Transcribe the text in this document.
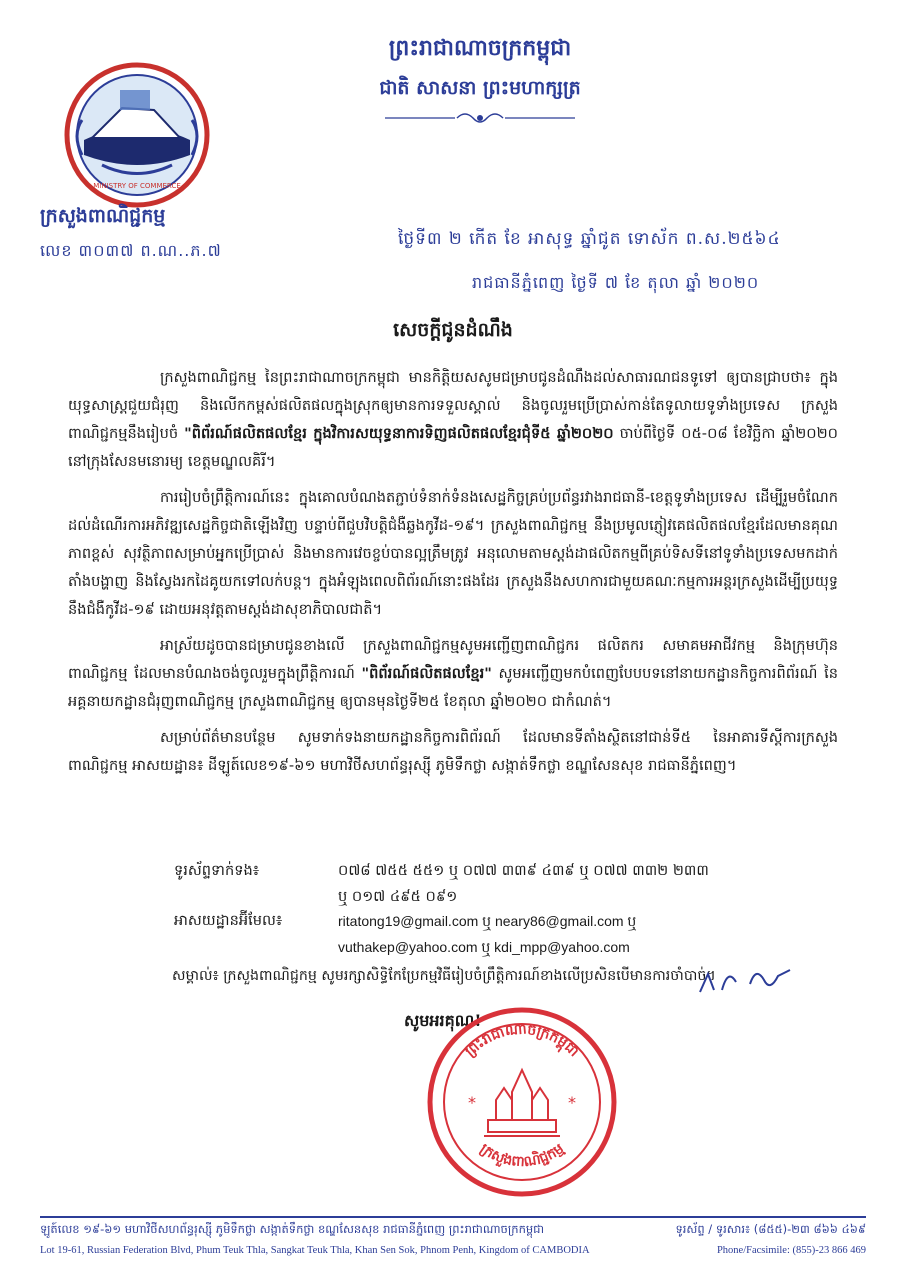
MINISTRY OF COMMERCE
ព្រះរាជាណាចក្រកម្ពុជា
ជាតិ សាសនា ព្រះមហាក្សត្រ
ក្រសួងពាណិជ្ជកម្ម
លេខ ៣០៣៧ ព.ណ..ភ.៧
ថ្ងៃទី៣ ២ កើត ខែ អាសុទ្ធ ឆ្នាំជូត ទោស័ក ព.ស.២៥៦៤
រាជធានីភ្នំពេញ ថ្ងៃទី ៧ ខែ តុលា ឆ្នាំ ២០២០
សេចក្តីជូនដំណឹង

ក្រសួងពាណិជ្ជកម្ម នៃព្រះរាជាណាចក្រកម្ពុជា មានកិត្តិយសសូមជម្រាបជូនដំណឹងដល់សាធារណជនទូទៅ ឲ្យបានជ្រាបថា៖ ក្នុងយុទ្ធសាស្ត្រជួយជំរុញ និងលើកកម្ពស់ផលិតផលក្នុងស្រុកឲ្យមានការទទួលស្គាល់ និងចូលរួមប្រើប្រាស់កាន់តែទូលាយទូទាំងប្រទេស ក្រសួងពាណិជ្ជកម្មនឹងរៀបចំ "ពិព័រណ៍ផលិតផលខ្មែរ ក្នុងវិការសយុទ្ធនាការទិញផលិតផលខ្មែរជុំទី៥ ឆ្នាំ២០២០ ចាប់ពីថ្ងៃទី ០៥-០៨ ខែវិច្ឆិកា ឆ្នាំ២០២០ នៅក្រុងសែនមនោរម្យ ខេត្តមណ្ឌលគិរី។

ការរៀបចំព្រឹត្តិការណ៍នេះ ក្នុងគោលបំណងតភ្ជាប់ទំនាក់ទំនងសេដ្ឋកិច្ចគ្រប់ប្រព័ន្ធរវាងរាជធានី-ខេត្តទូទាំងប្រទេស ដើម្បីរួមចំណែកដល់ដំណើរការអភិវឌ្ឍសេដ្ឋកិច្ចជាតិឡើងវិញ បន្ទាប់ពីជួបវិបត្តិជំងឺឆ្លងកូវីដ-១៩។ ក្រសួងពាណិជ្ជកម្ម នឹងប្រមូលភ្ញៀវគេផលិតផលខ្មែរដែលមានគុណភាពខ្ពស់ សុវត្ថិភាពសម្រាប់អ្នកប្រើប្រាស់ និងមានការវេចខ្ចប់បានល្អត្រឹមត្រូវ អនុលោមតាមស្តង់ដាផលិតកម្មពីគ្រប់ទិសទីនៅទូទាំងប្រទេសមកដាក់តាំងបង្ហាញ និងស្វែងរកដៃគូយកទៅលក់បន្ត។ ក្នុងអំឡុងពេលពិព័រណ៍នោះផងដែរ ក្រសួងនឹងសហការជាមួយគណៈកម្មការអន្តរក្រសួងដើម្បីប្រយុទ្ធនឹងជំងឺកូវីដ-១៩ ដោយអនុវត្តតាមស្តង់ដាសុខាភិបាលជាតិ។

អាស្រ័យដូចបានជម្រាបជូនខាងលើ ក្រសួងពាណិជ្ជកម្មសូមអញ្ជើញពាណិជ្ជករ ផលិតករ សមាគមអាជីវកម្ម និងក្រុមហ៊ុនពាណិជ្ជកម្ម ដែលមានបំណងចង់ចូលរួមក្នុងព្រឹត្តិការណ៍ "ពិព័រណ៍ផលិតផលខ្មែរ" សូមអញ្ជើញមកបំពេញបែបបទនៅនាយកដ្ឋានកិច្ចការពិព័រណ៍ នៃអគ្គនាយកដ្ឋានជំរុញពាណិជ្ជកម្ម ក្រសួងពាណិជ្ជកម្ម ឲ្យបានមុនថ្ងៃទី២៥ ខែតុលា ឆ្នាំ២០២០ ជាកំណត់។

សម្រាប់ព័ត៌មានបន្ថែម សូមទាក់ទងនាយកដ្ឋានកិច្ចការពិព័រណ៍ ដែលមានទីតាំងស្ថិតនៅជាន់ទី៥ នៃអាគារទីស្តីការក្រសួងពាណិជ្ជកម្ម អាសយដ្ឋាន៖ ដីឡូត៍លេខ១៩-៦១ មហាវិថីសហព័ន្ធរុស្ស៊ី ភូមិទឹកថ្លា សង្កាត់ទឹកថ្លា ខណ្ឌសែនសុខ រាជធានីភ្នំពេញ។

ទូរស័ព្ទទាក់ទង៖	០៧៨ ៧៥៥ ៥៥១ ឬ ០៧៧ ៣៣៩ ៤៣៩ ឬ ០៧៧ ៣៣២ ២៣៣
ឬ ០១៧ ៤៩៥ ០៩១
អាសយដ្ឋានអ៊ីមែល៖	ritatong19@gmail.com ឬ neary86@gmail.com ឬ
vuthakep@yahoo.com ឬ kdi_mpp@yahoo.com
សម្គាល់៖ ក្រសួងពាណិជ្ជកម្ម សូមរក្សាសិទ្ធិកែប្រែកម្មវិធីរៀបចំព្រឹត្តិការណ៍ខាងលើប្រសិនបើមានការចាំបាច់។
សូមអរគុណ!
ព្រះរាជាណាចក្រកម្ពុជា
ក្រសួងពាណិជ្ជកម្ម
*	*
ឡូត៍លេខ ១៩-៦១ មហាវិថីសហព័ន្ធរុស្ស៊ី ភូមិទឹកថ្លា សង្កាត់ទឹកថ្លា ខណ្ឌសែនសុខ រាជធានីភ្នំពេញ ព្រះរាជាណាចក្រកម្ពុជា	ទូរស័ព្ទ / ទូរសារ៖ (៨៥៥)-២៣ ៨៦៦ ៤៦៩
Lot 19-61, Russian Federation Blvd, Phum Teuk Thla, Sangkat Teuk Thla, Khan Sen Sok, Phnom Penh, Kingdom of CAMBODIA	Phone/Facsimile: (855)-23 866 469
